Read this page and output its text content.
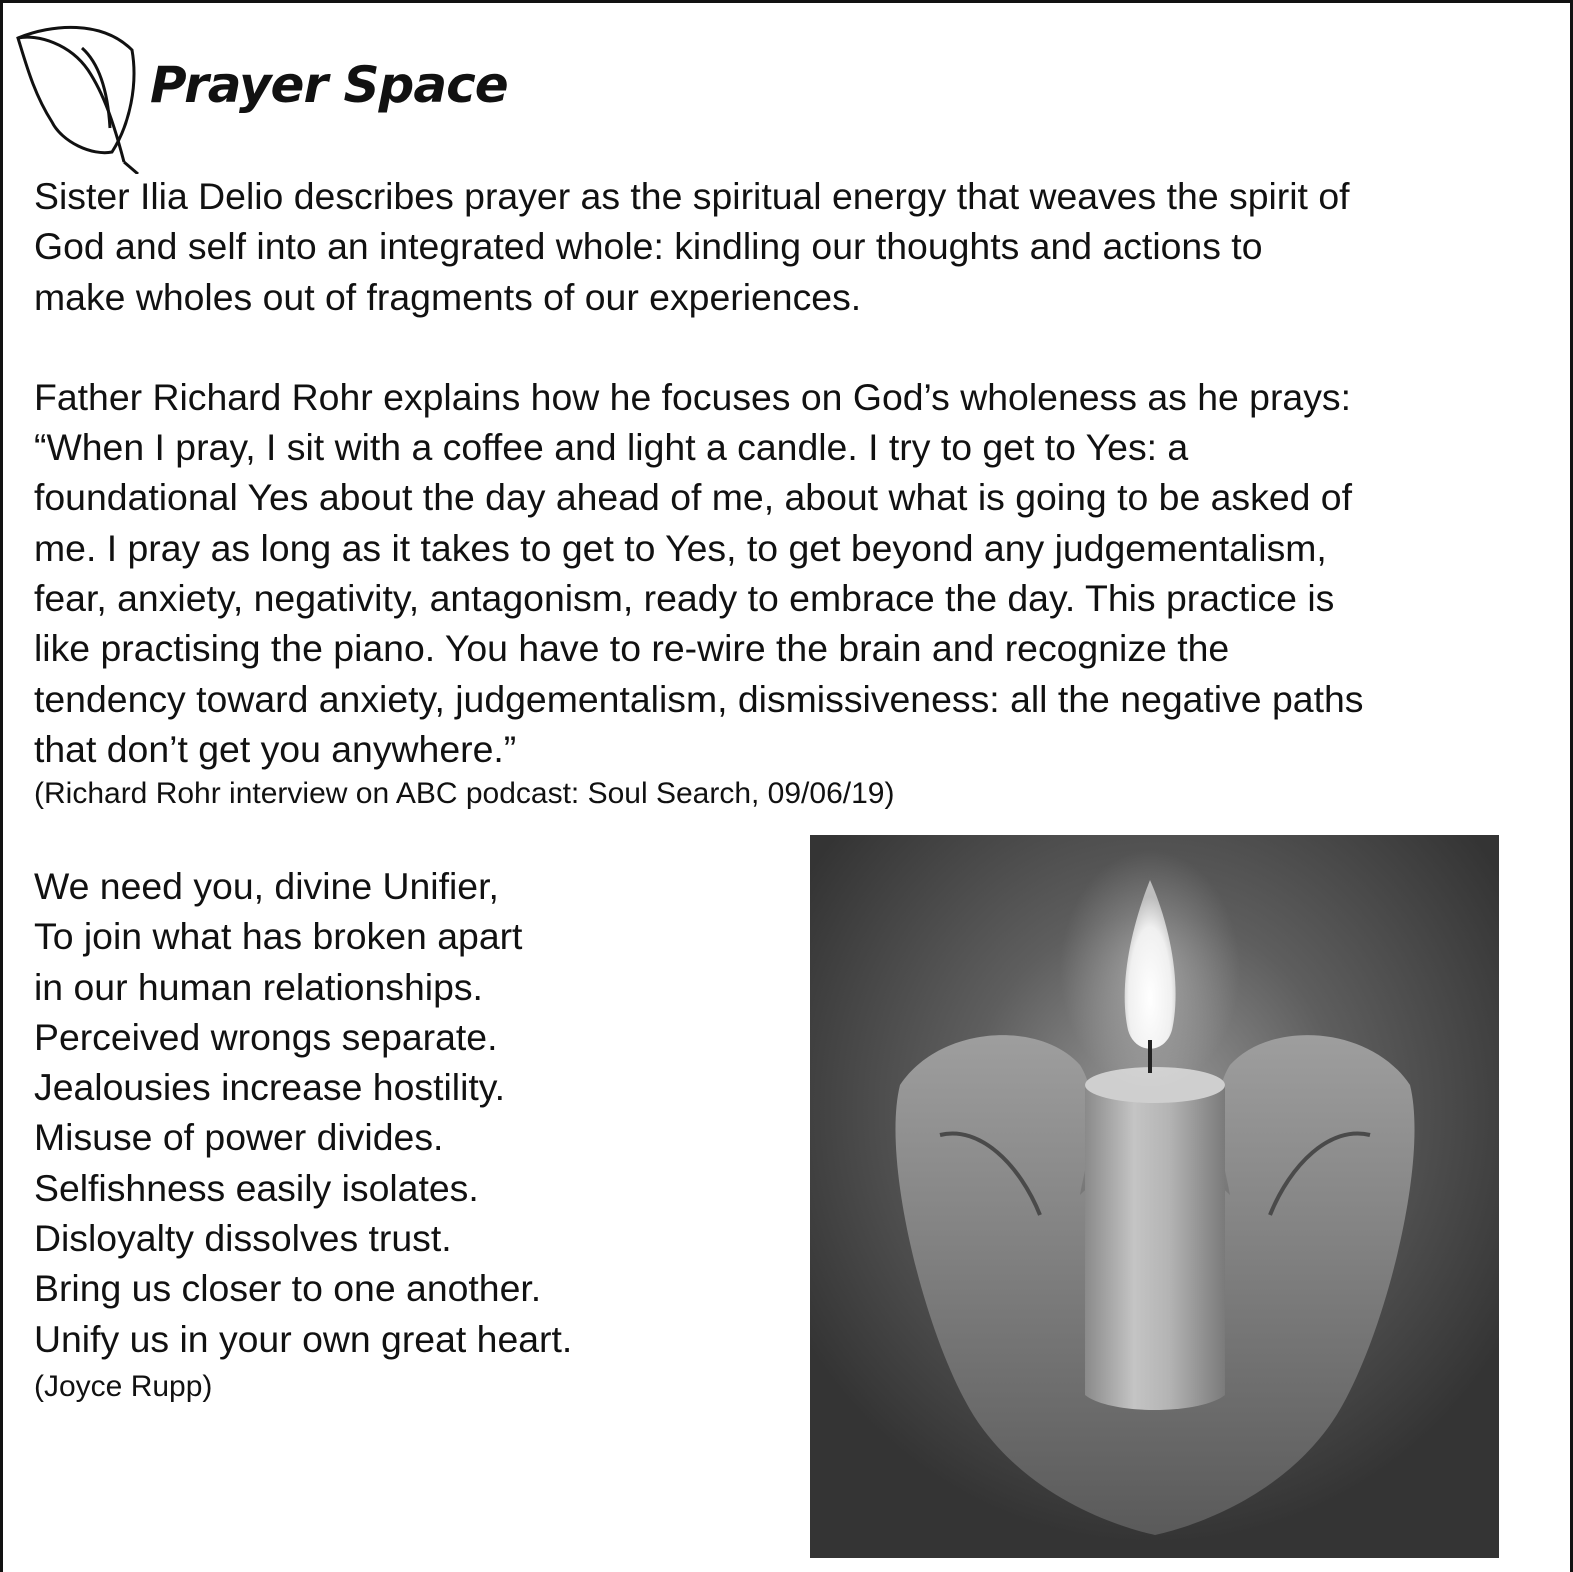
Prayer Space

Sister Ilia Delio describes prayer as the spiritual energy that weaves the spirit of
God and self into an integrated whole: kindling our thoughts and actions to
make wholes out of fragments of our experiences.

Father Richard Rohr explains how he focuses on God’s wholeness as he prays:
“When I pray, I sit with a coffee and light a candle. I try to get to Yes: a
foundational Yes about the day ahead of me, about what is going to be asked of
me. I pray as long as it takes to get to Yes, to get beyond any judgementalism,
fear, anxiety, negativity, antagonism, ready to embrace the day. This practice is
like practising the piano. You have to re-wire the brain and recognize the
tendency toward anxiety, judgementalism, dismissiveness: all the negative paths
that don’t get you anywhere.”

(Richard Rohr interview on ABC podcast: Soul Search, 09/06/19)

We need you, divine Unifier,
To join what has broken apart
in our human relationships.
Perceived wrongs separate.
Jealousies increase hostility.
Misuse of power divides.
Selfishness easily isolates.
Disloyalty dissolves trust.
Bring us closer to one another.
Unify us in your own great heart.
(Joyce Rupp)
